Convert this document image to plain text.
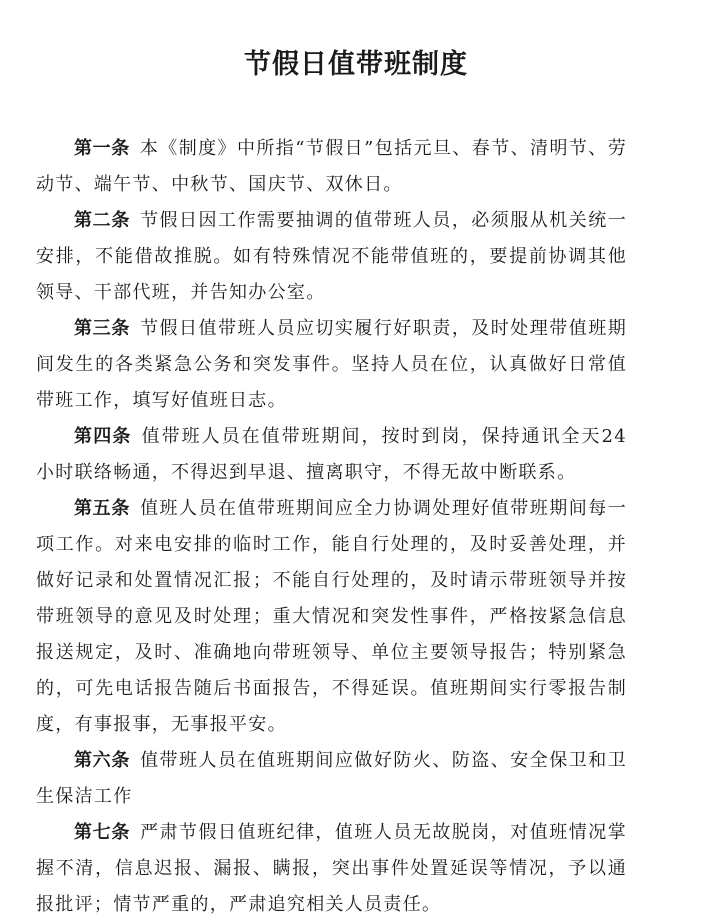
节假日值带班制度

第一条 本《制度》中所指“节假日”包括元旦、春节、清明节、劳动节、端午节、中秋节、国庆节、双休日。

第二条 节假日因工作需要抽调的值带班人员，必须服从机关统一安排，不能借故推脱。如有特殊情况不能带值班的，要提前协调其他领导、干部代班，并告知办公室。

第三条 节假日值带班人员应切实履行好职责，及时处理带值班期间发生的各类紧急公务和突发事件。坚持人员在位，认真做好日常值带班工作，填写好值班日志。

第四条 值带班人员在值带班期间，按时到岗，保持通讯全天24小时联络畅通，不得迟到早退、擅离职守，不得无故中断联系。

第五条 值班人员在值带班期间应全力协调处理好值带班期间每一项工作。对来电安排的临时工作，能自行处理的，及时妥善处理，并做好记录和处置情况汇报；不能自行处理的，及时请示带班领导并按带班领导的意见及时处理；重大情况和突发性事件，严格按紧急信息报送规定，及时、准确地向带班领导、单位主要领导报告；特别紧急的，可先电话报告随后书面报告，不得延误。值班期间实行零报告制度，有事报事，无事报平安。

第六条 值带班人员在值班期间应做好防火、防盗、安全保卫和卫生保洁工作

第七条 严肃节假日值班纪律，值班人员无故脱岗，对值班情况掌握不清，信息迟报、漏报、瞒报，突出事件处置延误等情况，予以通报批评；情节严重的，严肃追究相关人员责任。
